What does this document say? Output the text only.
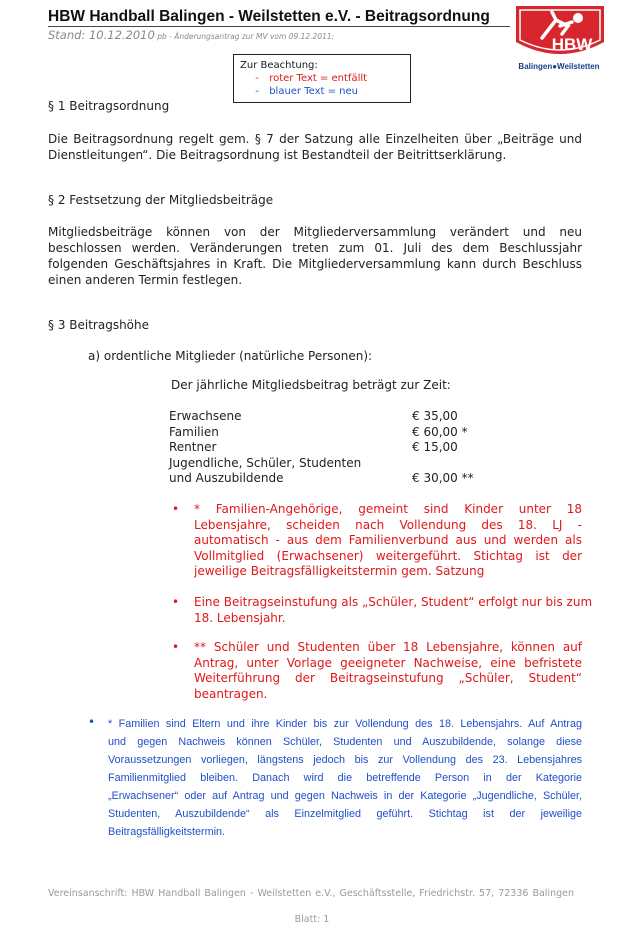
HBW Handball Balingen - Weilstetten e.V. - Beitragsordnung
Stand: 10.12.2010 pb - Änderungsantrag zur MV vom 09.12.2011:	HBW
Balingen●Weilstetten
Zur Beachtung:
- roter Text = entfällt
- blauer Text = neu
§ 1 Beitragsordnung
Die Beitragsordnung regelt gem. § 7 der Satzung alle Einzelheiten über „Beiträge und
Dienstleitungen“. Die Beitragsordnung ist Bestandteil der Beitrittserklärung.
§ 2 Festsetzung der Mitgliedsbeiträge
Mitgliedsbeiträge können von der Mitgliederversammlung verändert und neu
beschlossen werden. Veränderungen treten zum 01. Juli des dem Beschlussjahr
folgenden Geschäftsjahres in Kraft. Die Mitgliederversammlung kann durch Beschluss
einen anderen Termin festlegen.
§ 3 Beitragshöhe
a) ordentliche Mitglieder (natürliche Personen):
Der jährliche Mitgliedsbeitrag beträgt zur Zeit:
Erwachsene	€ 35,00
Familien	€ 60,00 *
Rentner	€ 15,00
Jugendliche, Schüler, Studenten
und Auszubildende	€ 30,00 **
• * Familien-Angehörige, gemeint sind Kinder unter 18
Lebensjahre, scheiden nach Vollendung des 18. LJ -
automatisch - aus dem Familienverbund aus und werden als
Vollmitglied (Erwachsener) weitergeführt. Stichtag ist der
jeweilige Beitragsfälligkeitstermin gem. Satzung
• Eine Beitragseinstufung als „Schüler, Student“ erfolgt nur bis zum
18. Lebensjahr.
• ** Schüler und Studenten über 18 Lebensjahre, können auf
Antrag, unter Vorlage geeigneter Nachweise, eine befristete
Weiterführung der Beitragseinstufung „Schüler, Student“
beantragen.
• * Familien sind Eltern und ihre Kinder bis zur Vollendung des 18. Lebensjahrs. Auf Antrag
und gegen Nachweis können Schüler, Studenten und Auszubildende, solange diese
Voraussetzungen vorliegen, längstens jedoch bis zur Vollendung des 23. Lebensjahres
Familienmitglied bleiben. Danach wird die betreffende Person in der Kategorie
„Erwachsener“ oder auf Antrag und gegen Nachweis in der Kategorie „Jugendliche, Schüler,
Studenten, Auszubildende“ als Einzelmitglied geführt. Stichtag ist der jeweilige
Beitragsfälligkeitstermin.
Vereinsanschrift: HBW Handball Balingen - Weilstetten e.V., Geschäftsstelle, Friedrichstr. 57, 72336 Balingen
Blatt: 1
